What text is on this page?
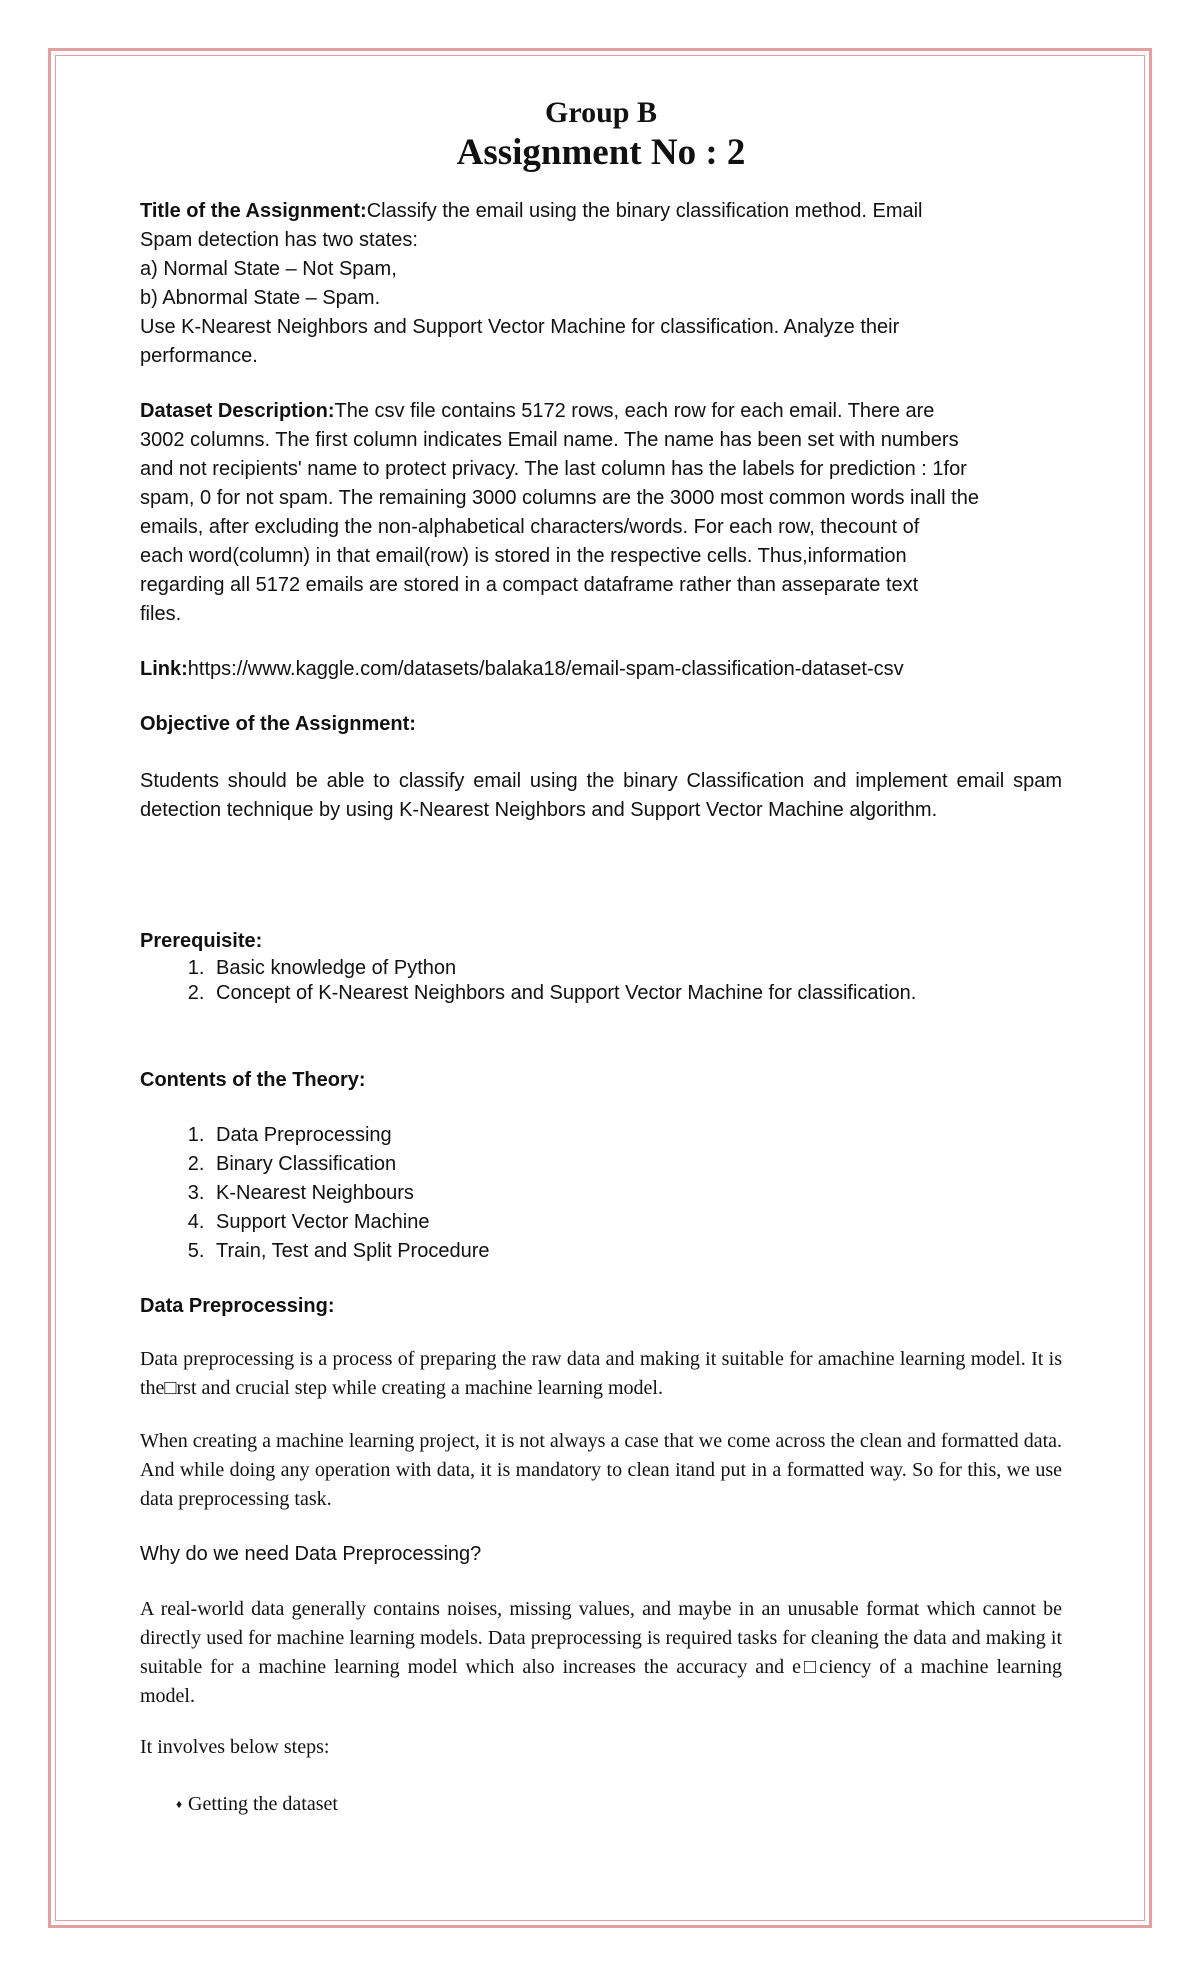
Group B
Assignment No : 2

Title of the Assignment:Classify the email using the binary classification method. Email

Spam detection has two states:

a) Normal State – Not Spam,

b) Abnormal State – Spam.

Use K-Nearest Neighbors and Support Vector Machine for classification. Analyze their

performance.

Dataset Description:The csv file contains 5172 rows, each row for each email. There are

3002 columns. The first column indicates Email name. The name has been set with numbers

and not recipients' name to protect privacy. The last column has the labels for prediction : 1for

spam, 0 for not spam. The remaining 3000 columns are the 3000 most common words inall the

emails, after excluding the non-alphabetical characters/words. For each row, thecount of

each word(column) in that email(row) is stored in the respective cells. Thus,information

regarding all 5172 emails are stored in a compact dataframe rather than asseparate text

files.

Link:https://www.kaggle.com/datasets/balaka18/email-spam-classification-dataset-csv

Objective of the Assignment:

Students should be able to classify email using the binary Classification and implement email spam detection technique by using K-Nearest Neighbors and Support Vector Machine algorithm.

Prerequisite:

1. Basic knowledge of Python
2. Concept of K-Nearest Neighbors and Support Vector Machine for classification.

Contents of the Theory:

1. Data Preprocessing
2. Binary Classification
3. K-Nearest Neighbours
4. Support Vector Machine
5. Train, Test and Split Procedure

Data Preprocessing:

Data preprocessing is a process of preparing the raw data and making it suitable for amachine learning model. It is the□rst and crucial step while creating a machine learning model.

When creating a machine learning project, it is not always a case that we come across the clean and formatted data. And while doing any operation with data, it is mandatory to clean itand put in a formatted way. So for this, we use data preprocessing task.

Why do we need Data Preprocessing?

A real-world data generally contains noises, missing values, and maybe in an unusable format which cannot be directly used for machine learning models. Data preprocessing is required tasks for cleaning the data and making it suitable for a machine learning model which also increases the accuracy and e□ciency of a machine learning model.

It involves below steps:

♦ Getting the dataset
